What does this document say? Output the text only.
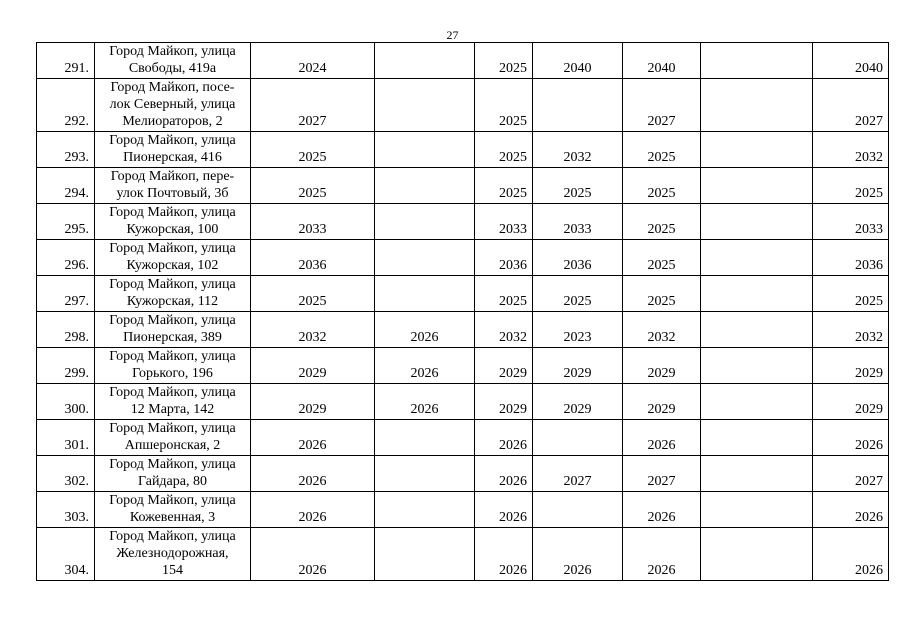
27
291.	Город Майкоп, улица
Свободы, 419а	2024		2025	2040	2040		2040
292.	Город Майкоп, посе-
лок Северный, улица
Мелиораторов, 2	2027		2025		2027		2027
293.	Город Майкоп, улица
Пионерская, 416	2025		2025	2032	2025		2032
294.	Город Майкоп, пере-
улок Почтовый, 3б	2025		2025	2025	2025		2025
295.	Город Майкоп, улица
Кужорская, 100	2033		2033	2033	2025		2033
296.	Город Майкоп, улица
Кужорская, 102	2036		2036	2036	2025		2036
297.	Город Майкоп, улица
Кужорская, 112	2025		2025	2025	2025		2025
298.	Город Майкоп, улица
Пионерская, 389	2032	2026	2032	2023	2032		2032
299.	Город Майкоп, улица
Горького, 196	2029	2026	2029	2029	2029		2029
300.	Город Майкоп, улица
12 Марта, 142	2029	2026	2029	2029	2029		2029
301.	Город Майкоп, улица
Апшеронская, 2	2026		2026		2026		2026
302.	Город Майкоп, улица
Гайдара, 80	2026		2026	2027	2027		2027
303.	Город Майкоп, улица
Кожевенная, 3	2026		2026		2026		2026
304.	Город Майкоп, улица
Железнодорожная,
154	2026		2026	2026	2026		2026
